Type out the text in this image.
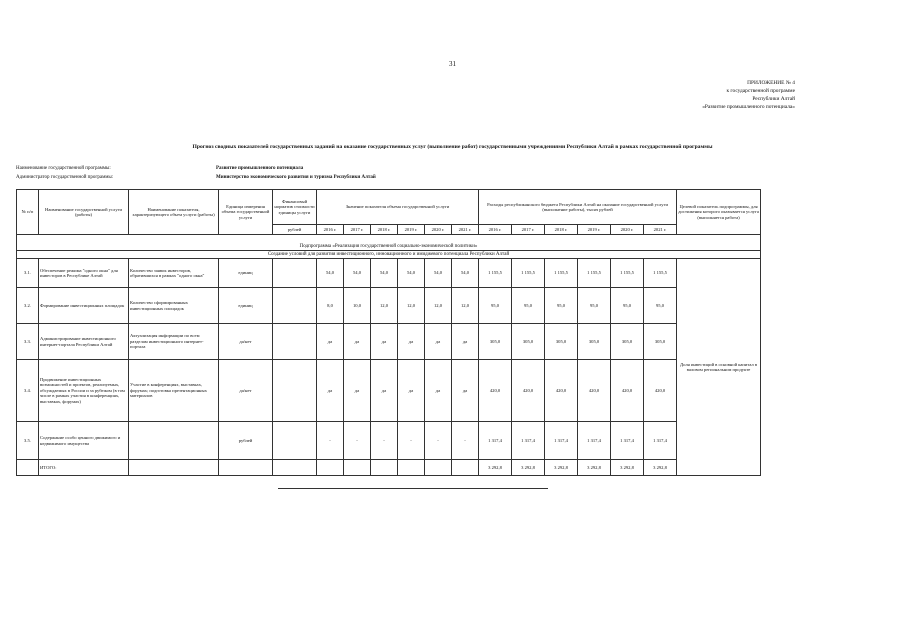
31
ПРИЛОЖЕНИЕ № 4
к государственной программе
Республики Алтай
«Развитие промышленного потенциала»
Прогноз сводных показателей государственных заданий на оказание государственных услуг (выполнение работ) государственными учреждениями Республики Алтай в рамках государственной программы
Наименование государственной программы:	Развитие промышленного потенциала
Администратор государственной программы:	Министерство экономического развития и туризма Республики Алтай
№ п/п	Наименование государственной услуги (работы)	Наименование показателя, характеризующего объем услуги (работы)	Единица измерения объема государственной услуги	Финансовый норматив стоимости единицы услуги	Значение показателя объема государственной услуги						Расходы республиканского бюджета Республики Алтай на оказание государственной услуги (выполнение работы), тысяч рублей						Целевой показатель подпрограммы, для достижения которого оказывается услуга (выполняется работа)
				рублей	2016 г.	2017 г.	2018 г.	2019 г.	2020 г.	2021 г.	2016 г.	2017 г.	2018 г.	2019 г.	2020 г.	2021 г.	

Подпрограмма «Реализация государственной социально-экономической политики»																	
Создание условий для развития инвестиционного, инновационного и имиджевого потенциала Республики Алтай																	
3.1.	Обеспечение режима "одного окна" для инвесторов в Республике Алтай	Количество заявок инвесторов, обратившихся в рамках "одного окна"	единиц		54,0	54,0	54,0	54,0	54,0	54,0	1 155,5	1 155,5	1 155,5	1 155,5	1 155,5	1 155,5	Доля инвестиций в основной капитал в валовом региональном продукте
3.2.	Формирование инвестиционных площадок	Количество сформированных инвестиционных площадок	единиц		8,0	10,0	12,0	12,0	12,0	12,0	95,0	95,0	95,0	95,0	95,0	95,0	
3.3.	Администрирование инвестиционного интернет-портала Республики Алтай	Актуализация информации по всем разделам инвестиционного интернет-портала	да/нет		да	да	да	да	да	да	305,0	305,0	305,0	305,0	305,0	305,0	
3.4.	Продвижение инвестиционных возможностей и проектов, реализуемых, обсуждаемых в России и за рубежом (в том числе в рамках участия в конференциях, выставках, форумах)	Участие в конференциях, выставках, форумах; подготовка презентационных материалов	да/нет		да	да	да	да	да	да	420,0	420,0	420,0	420,0	420,0	420,0	
3.5.	Содержание особо ценного движимого и недвижимого имущества		рублей		-	-	-	-	-	-	1 317,4	1 317,4	1 317,4	1 317,4	1 317,4	1 317,4	
	ИТОГО:										3 292,8	3 292,8	3 292,8	3 292,8	3 292,8	3 292,8	
